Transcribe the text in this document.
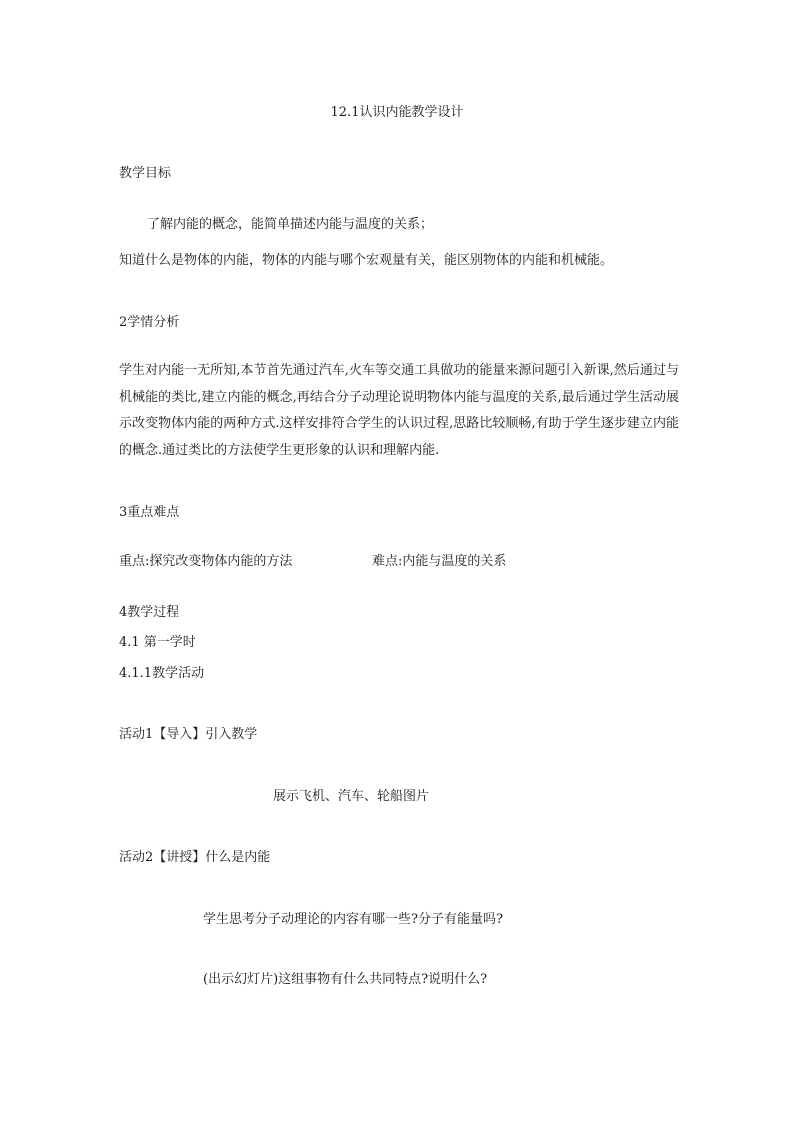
12.1认识内能教学设计
教学目标
了解内能的概念，能简单描述内能与温度的关系；
知道什么是物体的内能，物体的内能与哪个宏观量有关，能区别物体的内能和机械能。
2学情分析
学生对内能一无所知,本节首先通过汽车,火车等交通工具做功的能量来源问题引入新课,然后通过与机械能的类比,建立内能的概念,再结合分子动理论说明物体内能与温度的关系,最后通过学生活动展示改变物体内能的两种方式.这样安排符合学生的认识过程,思路比较顺畅,有助于学生逐步建立内能的概念.通过类比的方法使学生更形象的认识和理解内能.
3重点难点
重点:探究改变物体内能的方法	难点:内能与温度的关系
4教学过程
4.1 第一学时
4.1.1教学活动
活动1【导入】引入教学
展示飞机、汽车、轮船图片
活动2【讲授】什么是内能
学生思考分子动理论的内容有哪一些?分子有能量吗?
(出示幻灯片)这组事物有什么共同特点?说明什么?
